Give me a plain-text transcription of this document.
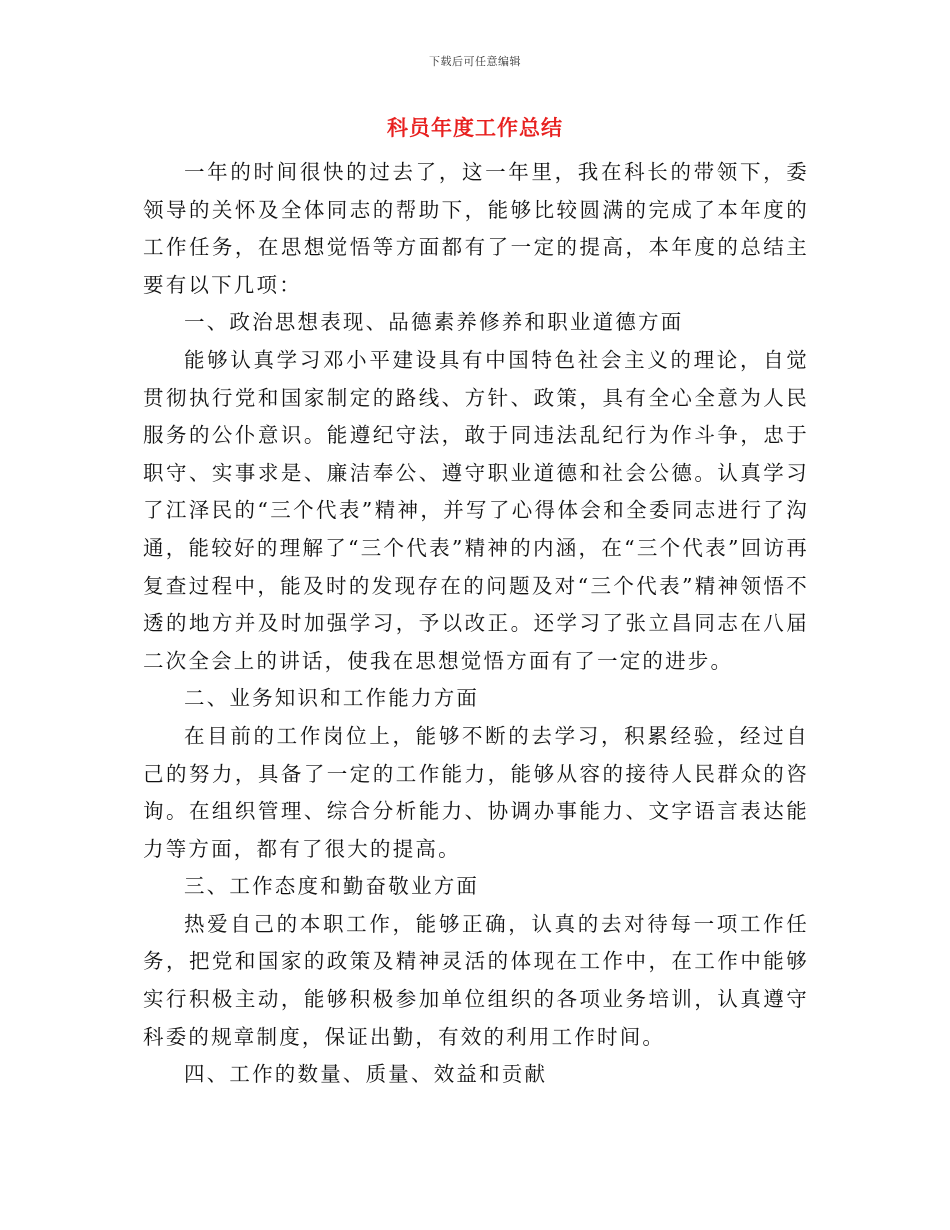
下载后可任意编辑
科员年度工作总结

一年的时间很快的过去了，这一年里，我在科长的带领下，委领导的关怀及全体同志的帮助下，能够比较圆满的完成了本年度的工作任务，在思想觉悟等方面都有了一定的提高，本年度的总结主要有以下几项：

一、政治思想表现、品德素养修养和职业道德方面

能够认真学习邓小平建设具有中国特色社会主义的理论，自觉贯彻执行党和国家制定的路线、方针、政策，具有全心全意为人民服务的公仆意识。能遵纪守法，敢于同违法乱纪行为作斗争，忠于职守、实事求是、廉洁奉公、遵守职业道德和社会公德。认真学习了江泽民的“三个代表”精神，并写了心得体会和全委同志进行了沟通，能较好的理解了“三个代表”精神的内涵，在“三个代表”回访再复查过程中，能及时的发现存在的问题及对“三个代表”精神领悟不透的地方并及时加强学习，予以改正。还学习了张立昌同志在八届二次全会上的讲话，使我在思想觉悟方面有了一定的进步。

二、业务知识和工作能力方面

在目前的工作岗位上，能够不断的去学习，积累经验，经过自己的努力，具备了一定的工作能力，能够从容的接待人民群众的咨询。在组织管理、综合分析能力、协调办事能力、文字语言表达能力等方面，都有了很大的提高。

三、工作态度和勤奋敬业方面

热爱自己的本职工作，能够正确，认真的去对待每一项工作任务，把党和国家的政策及精神灵活的体现在工作中，在工作中能够实行积极主动，能够积极参加单位组织的各项业务培训，认真遵守科委的规章制度，保证出勤，有效的利用工作时间。

四、工作的数量、质量、效益和贡献
